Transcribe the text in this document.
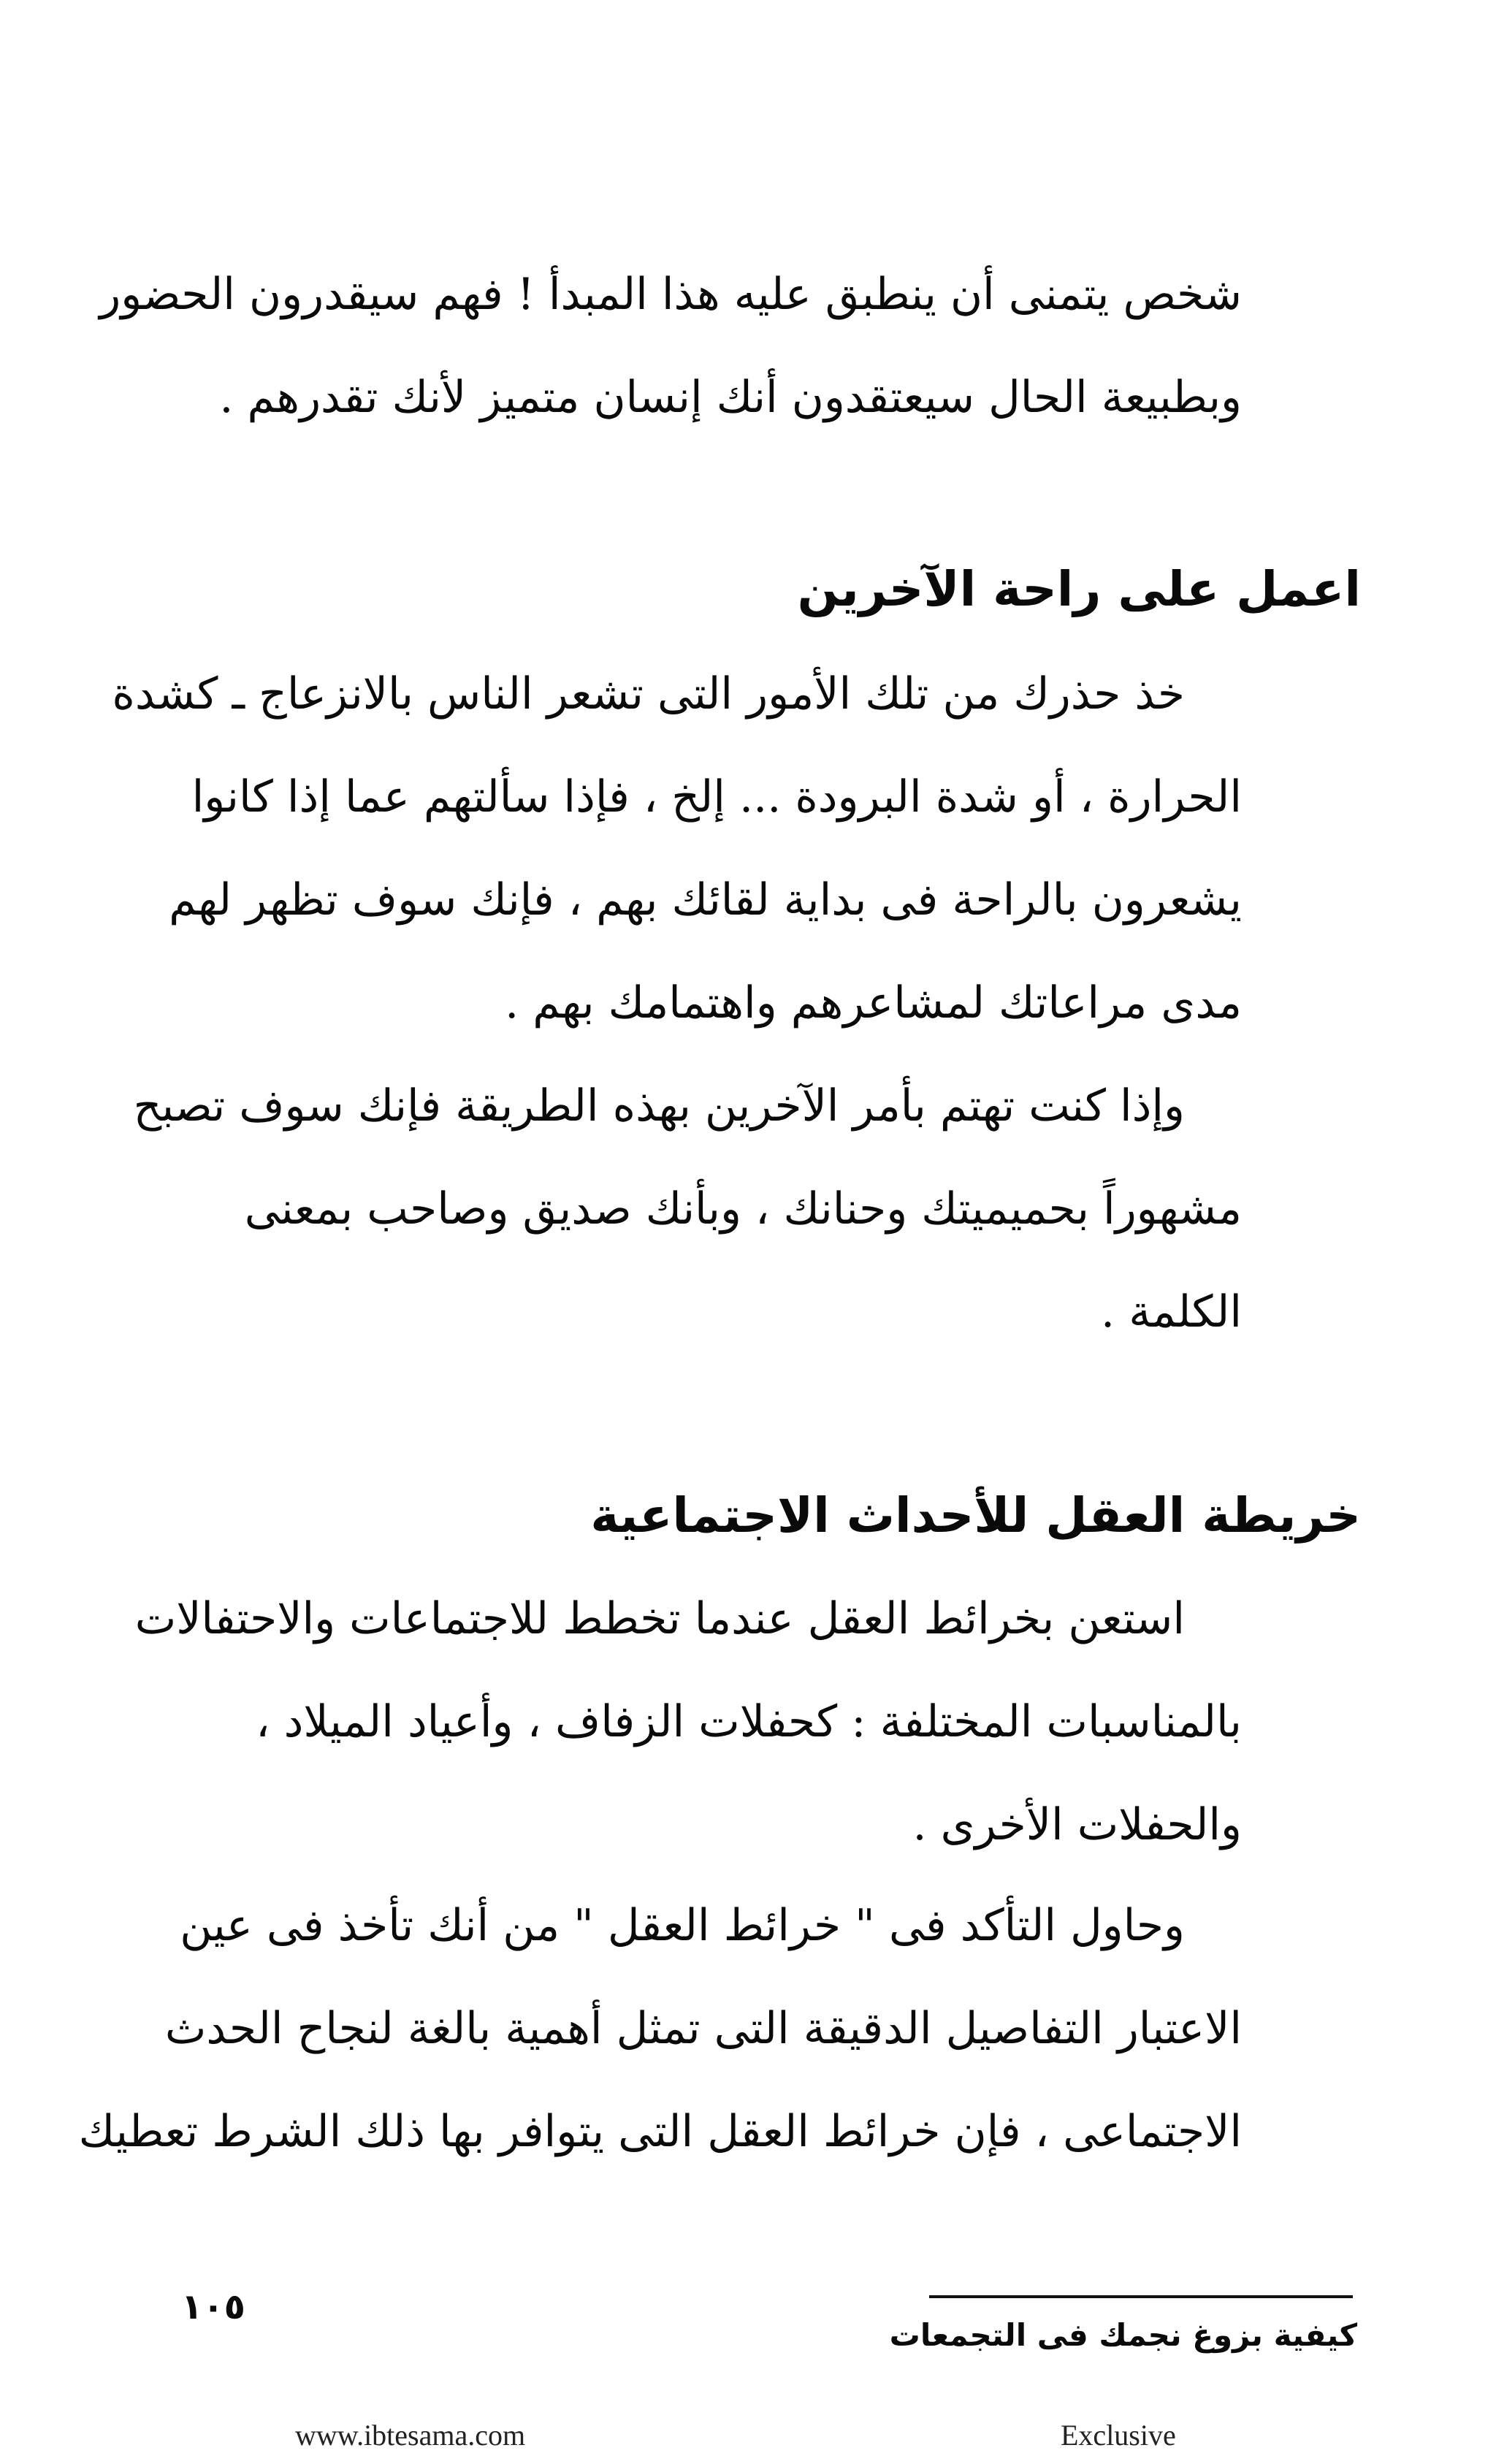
شخص يتمنى أن ينطبق عليه هذا المبدأ ! فهم سيقدرون الحضور
وبطبيعة الحال سيعتقدون أنك إنسان متميز لأنك تقدرهم .

اعمل على راحة الآخرين

خذ حذرك من تلك الأمور التى تشعر الناس بالانزعاج ـ كشدة
الحرارة ، أو شدة البرودة ... إلخ ، فإذا سألتهم عما إذا كانوا
يشعرون بالراحة فى بداية لقائك بهم ، فإنك سوف تظهر لهم
مدى مراعاتك لمشاعرهم واهتمامك بهم .

وإذا كنت تهتم بأمر الآخرين بهذه الطريقة فإنك سوف تصبح
مشهوراً بحميميتك وحنانك ، وبأنك صديق وصاحب بمعنى
الكلمة .

خريطة العقل للأحداث الاجتماعية

استعن بخرائط العقل عندما تخطط للاجتماعات والاحتفالات
بالمناسبات المختلفة : كحفلات الزفاف ، وأعياد الميلاد ،
والحفلات الأخرى .

وحاول التأكد فى " خرائط العقل " من أنك تأخذ فى عين
الاعتبار التفاصيل الدقيقة التى تمثل أهمية بالغة لنجاح الحدث
الاجتماعى ، فإن خرائط العقل التى يتوافر بها ذلك الشرط تعطيك

كيفية بزوغ نجمك فى التجمعات
١٠٥
www.ibtesama.com	Exclusive
